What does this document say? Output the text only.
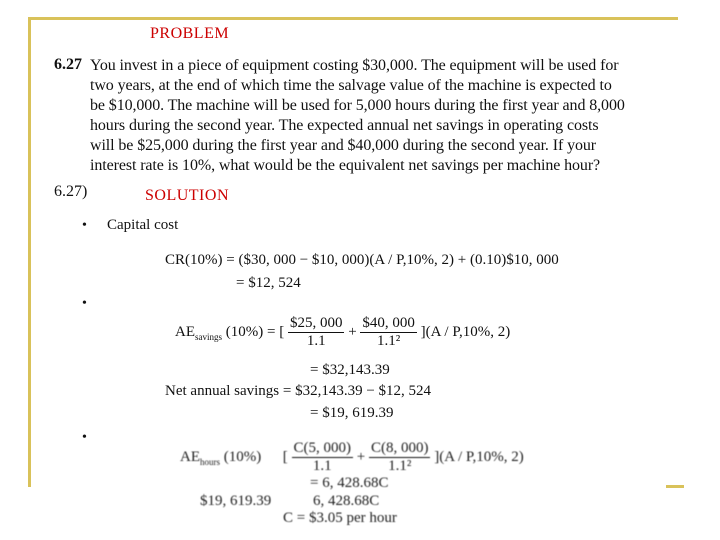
PROBLEM
6.27 You invest in a piece of equipment costing $30,000. The equipment will be used for
two years, at the end of which time the salvage value of the machine is expected to
be $10,000. The machine will be used for 5,000 hours during the first year and 8,000
hours during the second year. The expected annual net savings in operating costs
will be $25,000 during the first year and $40,000 during the second year. If your
interest rate is 10%, what would be the equivalent net savings per machine hour?
6.27)	SOLUTION
• Capital cost
CR(10%) = ($30, 000 − $10, 000)(A / P,10%, 2) + (0.10)$10, 000
= $12, 524
•
$AE_{savings}$ (10%) = [ $\frac{\$25, 000}{1.1} + \frac{\$40, 000}{\text{1.1²}} ](A / P,10\%$, 2)
= $32,143.39
Net annual savings = $32,143.39 − $12, 524
= $19, 619.39
•
$AE_{hours}$ (10%) [ $\frac{C(5, 000)}{1.1} + \frac{C(8, 000)}{\text{1.1²}} ](A / P,10\%$, 2)
= 6, 428.68C
$19, 619.39	6, 428.68C
C = $3.05 per hour
